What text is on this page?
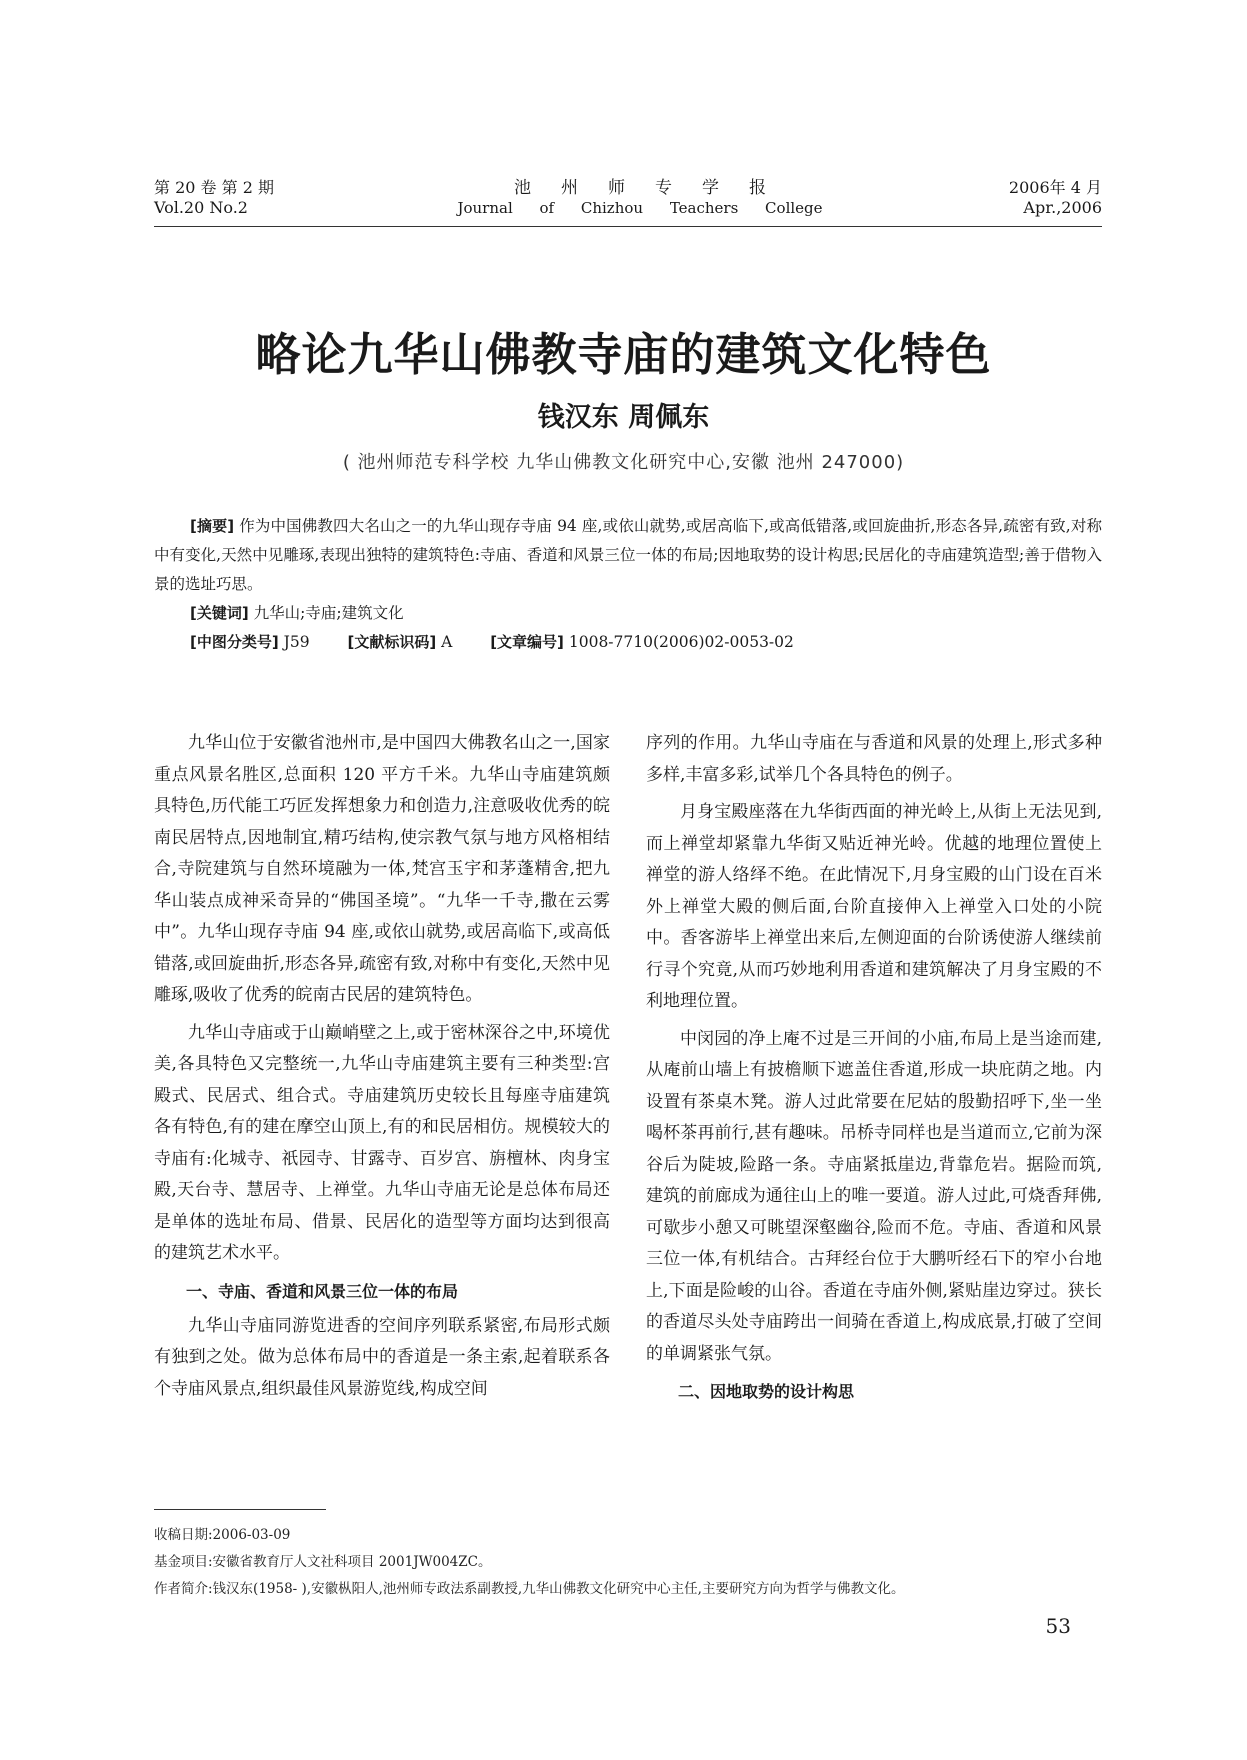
第 20 卷 第 2 期
Vol.20 No.2
池州师专学报
Journal of Chizhou Teachers College
2006年 4 月
Apr.,2006
略论九华山佛教寺庙的建筑文化特色
钱汉东 周佩东
( 池州师范专科学校 九华山佛教文化研究中心,安徽 池州 247000)

[摘要] 作为中国佛教四大名山之一的九华山现存寺庙 94 座,或依山就势,或居高临下,或高低错落,或回旋曲折,形态各异,疏密有致,对称中有变化,天然中见雕琢,表现出独特的建筑特色:寺庙、香道和风景三位一体的布局;因地取势的设计构思;民居化的寺庙建筑造型;善于借物入景的选址巧思。

[关键词] 九华山;寺庙;建筑文化

[中图分类号] J59	[文献标识码] A	[文章编号] 1008-7710(2006)02-0053-02

九华山位于安徽省池州市,是中国四大佛教名山之一,国家重点风景名胜区,总面积 120 平方千米。九华山寺庙建筑颇具特色,历代能工巧匠发挥想象力和创造力,注意吸收优秀的皖南民居特点,因地制宜,精巧结构,使宗教气氛与地方风格相结合,寺院建筑与自然环境融为一体,梵宫玉宇和茅蓬精舍,把九华山装点成神采奇异的“佛国圣境”。“九华一千寺,撒在云雾中”。九华山现存寺庙 94 座,或依山就势,或居高临下,或高低错落,或回旋曲折,形态各异,疏密有致,对称中有变化,天然中见雕琢,吸收了优秀的皖南古民居的建筑特色。

九华山寺庙或于山巅峭壁之上,或于密林深谷之中,环境优美,各具特色又完整统一,九华山寺庙建筑主要有三种类型:宫殿式、民居式、组合式。寺庙建筑历史较长且每座寺庙建筑各有特色,有的建在摩空山顶上,有的和民居相仿。规模较大的寺庙有:化城寺、祇园寺、甘露寺、百岁宫、旃檀林、肉身宝殿,天台寺、慧居寺、上禅堂。九华山寺庙无论是总体布局还是单体的选址布局、借景、民居化的造型等方面均达到很高的建筑艺术水平。

一、寺庙、香道和风景三位一体的布局

九华山寺庙同游览进香的空间序列联系紧密,布局形式颇有独到之处。做为总体布局中的香道是一条主索,起着联系各个寺庙风景点,组织最佳风景游览线,构成空间

序列的作用。九华山寺庙在与香道和风景的处理上,形式多种多样,丰富多彩,试举几个各具特色的例子。

月身宝殿座落在九华街西面的神光岭上,从街上无法见到,而上禅堂却紧靠九华街又贴近神光岭。优越的地理位置使上禅堂的游人络绎不绝。在此情况下,月身宝殿的山门设在百米外上禅堂大殿的侧后面,台阶直接伸入上禅堂入口处的小院中。香客游毕上禅堂出来后,左侧迎面的台阶诱使游人继续前行寻个究竟,从而巧妙地利用香道和建筑解决了月身宝殿的不利地理位置。

中闵园的净上庵不过是三开间的小庙,布局上是当途而建,从庵前山墙上有披檐顺下遮盖住香道,形成一块庇荫之地。内设置有茶桌木凳。游人过此常要在尼姑的殷勤招呼下,坐一坐喝杯茶再前行,甚有趣味。吊桥寺同样也是当道而立,它前为深谷后为陡坡,险路一条。寺庙紧抵崖边,背靠危岩。据险而筑,建筑的前廊成为通往山上的唯一要道。游人过此,可烧香拜佛,可歇步小憩又可眺望深壑幽谷,险而不危。寺庙、香道和风景三位一体,有机结合。古拜经台位于大鹏听经石下的窄小台地上,下面是险峻的山谷。香道在寺庙外侧,紧贴崖边穿过。狭长的香道尽头处寺庙跨出一间骑在香道上,构成底景,打破了空间的单调紧张气氛。

二、因地取势的设计构思

收稿日期:2006-03-09

基金项目:安徽省教育厅人文社科项目 2001JW004ZC。

作者简介:钱汉东(1958- ),安徽枞阳人,池州师专政法系副教授,九华山佛教文化研究中心主任,主要研究方向为哲学与佛教文化。

53
